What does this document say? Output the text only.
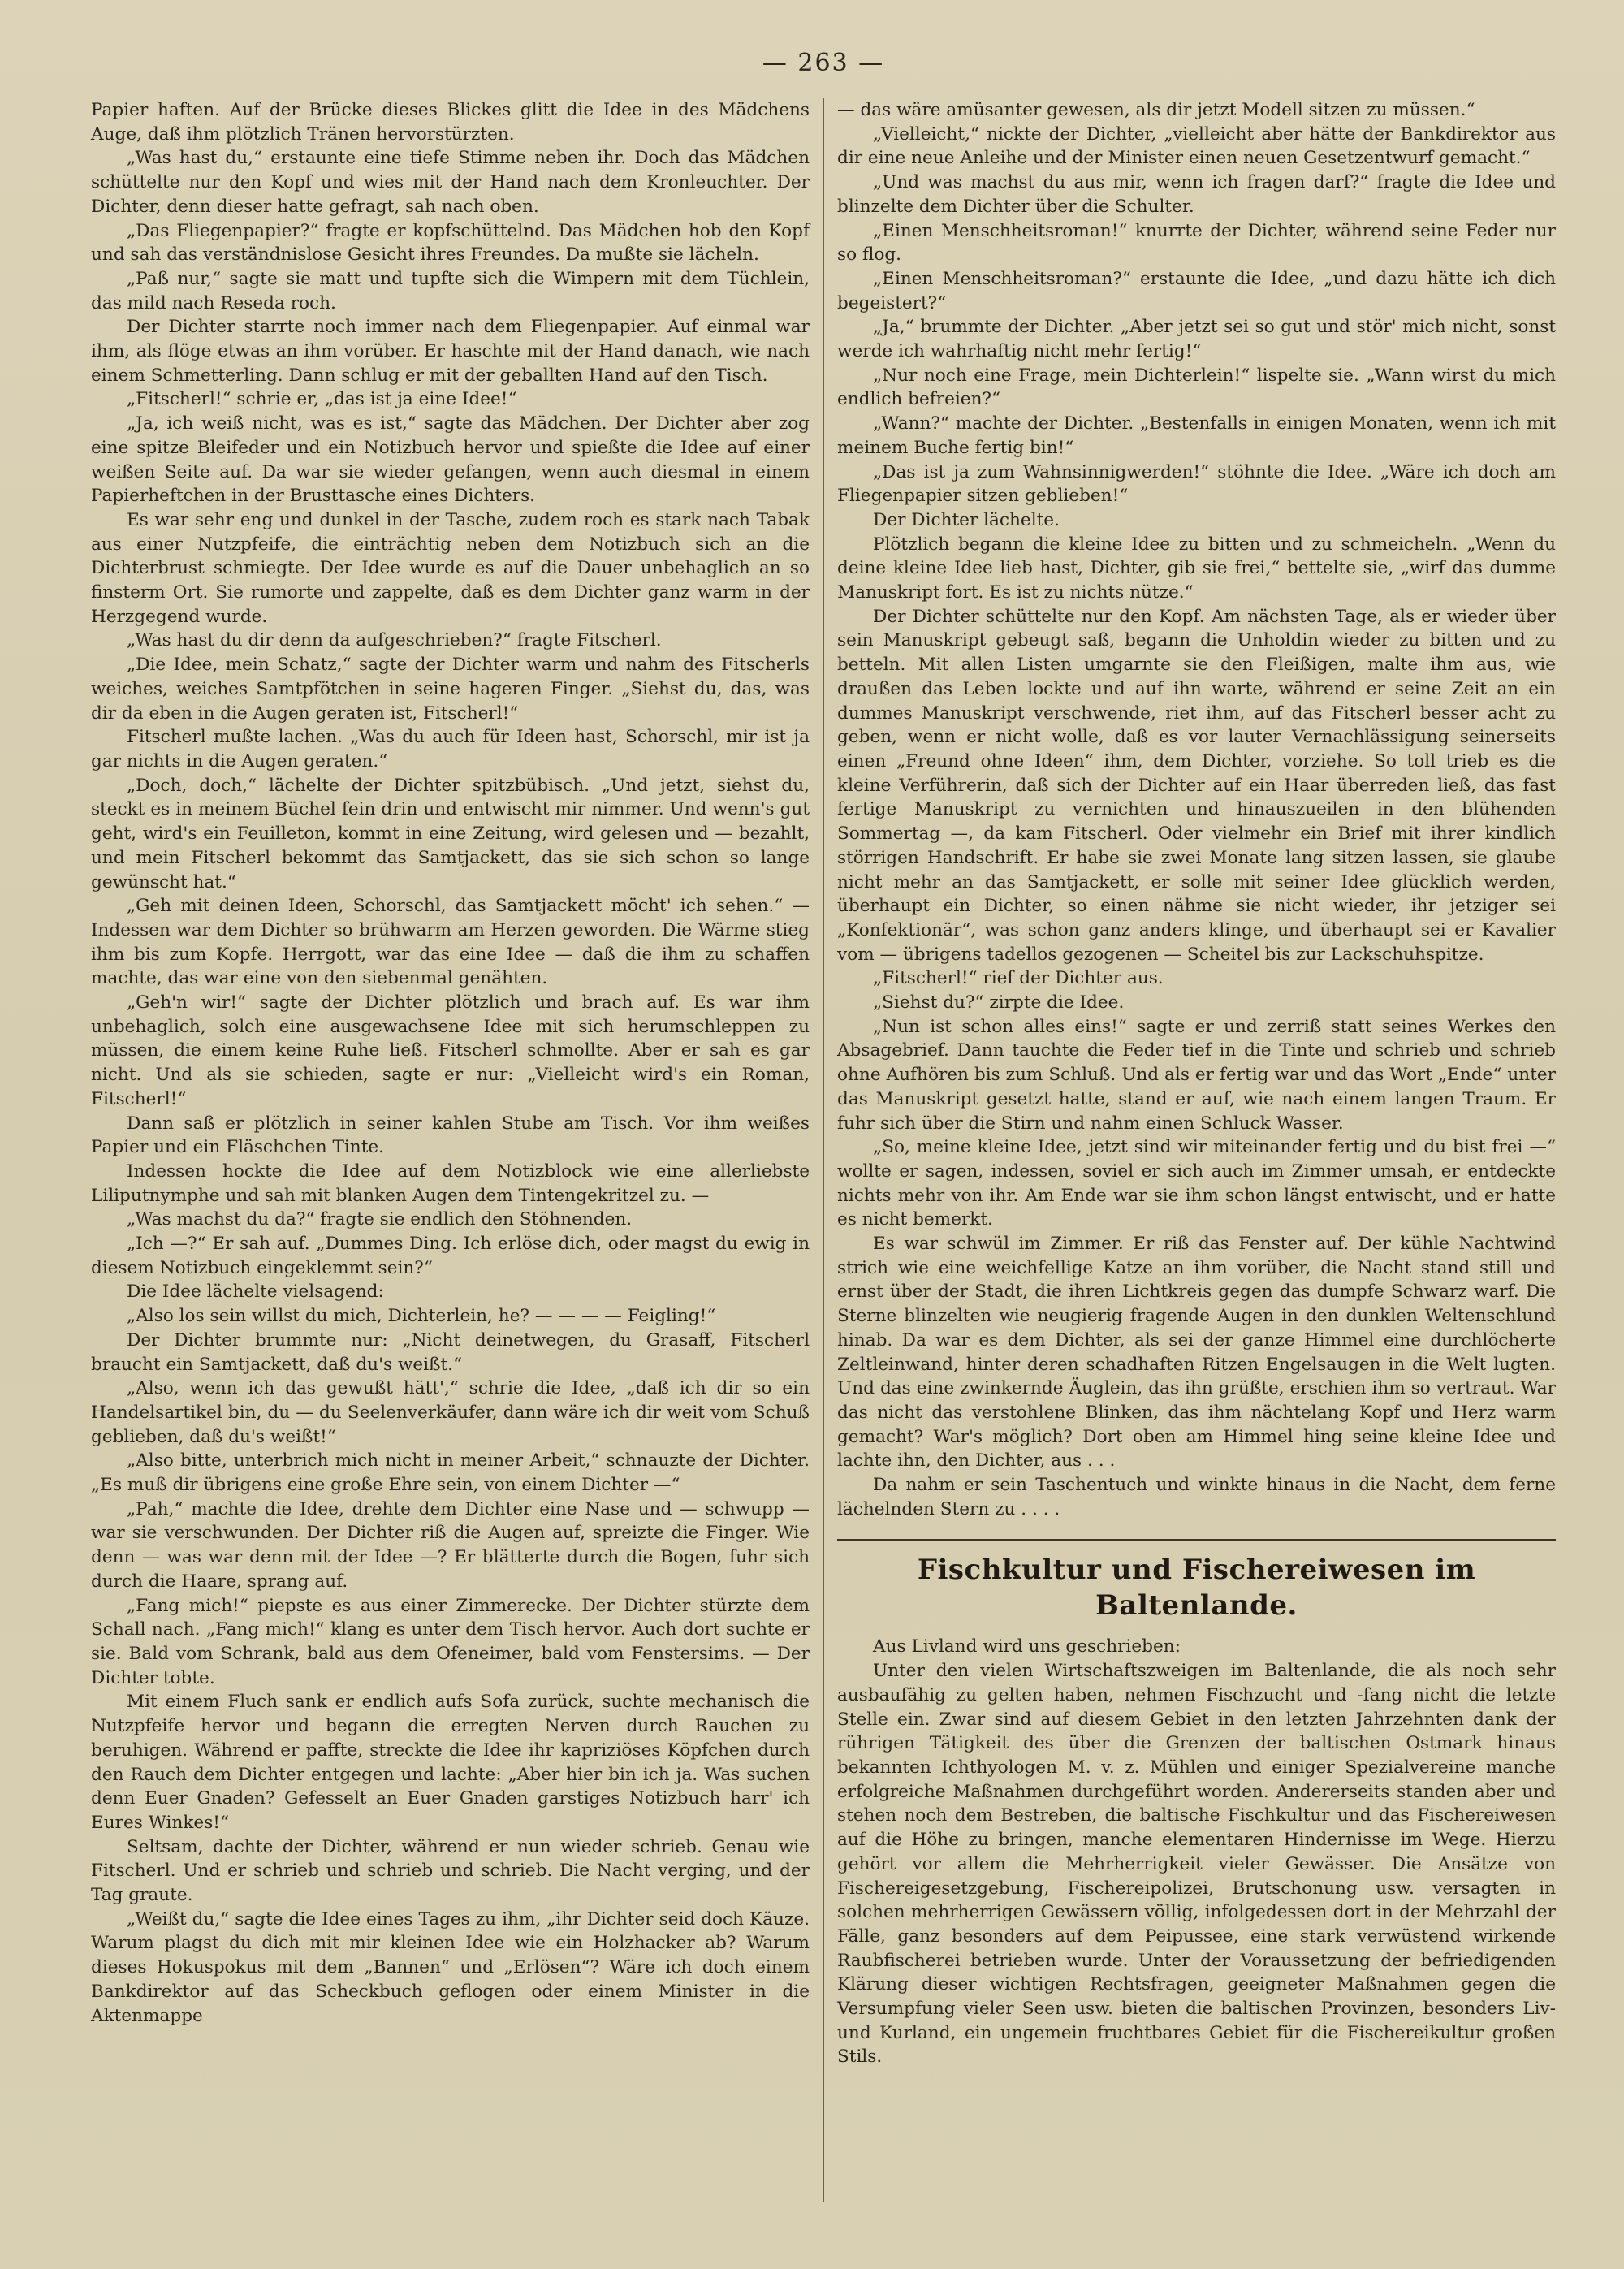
— 263 —

Papier haften. Auf der Brücke dieses Blickes glitt die Idee in des Mädchens Auge, daß ihm plötzlich Tränen hervorstürzten.

„Was hast du,“ erstaunte eine tiefe Stimme neben ihr. Doch das Mädchen schüttelte nur den Kopf und wies mit der Hand nach dem Kronleuchter. Der Dichter, denn dieser hatte gefragt, sah nach oben.

„Das Fliegenpapier?“ fragte er kopfschüttelnd. Das Mädchen hob den Kopf und sah das verständnislose Gesicht ihres Freundes. Da mußte sie lächeln.

„Paß nur,“ sagte sie matt und tupfte sich die Wimpern mit dem Tüchlein, das mild nach Reseda roch.

Der Dichter starrte noch immer nach dem Fliegenpapier. Auf einmal war ihm, als flöge etwas an ihm vorüber. Er haschte mit der Hand danach, wie nach einem Schmetterling. Dann schlug er mit der geballten Hand auf den Tisch.

„Fitscherl!“ schrie er, „das ist ja eine Idee!“

„Ja, ich weiß nicht, was es ist,“ sagte das Mädchen. Der Dichter aber zog eine spitze Bleifeder und ein Notizbuch hervor und spießte die Idee auf einer weißen Seite auf. Da war sie wieder gefangen, wenn auch diesmal in einem Papierheftchen in der Brusttasche eines Dichters.

Es war sehr eng und dunkel in der Tasche, zudem roch es stark nach Tabak aus einer Nutzpfeife, die einträchtig neben dem Notizbuch sich an die Dichterbrust schmiegte. Der Idee wurde es auf die Dauer unbehaglich an so finsterm Ort. Sie rumorte und zappelte, daß es dem Dichter ganz warm in der Herzgegend wurde.

„Was hast du dir denn da aufgeschrieben?“ fragte Fitscherl.

„Die Idee, mein Schatz,“ sagte der Dichter warm und nahm des Fitscherls weiches, weiches Samtpfötchen in seine hageren Finger. „Siehst du, das, was dir da eben in die Augen geraten ist, Fitscherl!“

Fitscherl mußte lachen. „Was du auch für Ideen hast, Schorschl, mir ist ja gar nichts in die Augen geraten.“

„Doch, doch,“ lächelte der Dichter spitzbübisch. „Und jetzt, siehst du, steckt es in meinem Büchel fein drin und entwischt mir nimmer. Und wenn's gut geht, wird's ein Feuilleton, kommt in eine Zeitung, wird gelesen und — bezahlt, und mein Fitscherl bekommt das Samtjackett, das sie sich schon so lange gewünscht hat.“

„Geh mit deinen Ideen, Schorschl, das Samtjackett möcht' ich sehen.“ — Indessen war dem Dichter so brühwarm am Herzen geworden. Die Wärme stieg ihm bis zum Kopfe. Herrgott, war das eine Idee — daß die ihm zu schaffen machte, das war eine von den siebenmal genähten.

„Geh'n wir!“ sagte der Dichter plötzlich und brach auf. Es war ihm unbehaglich, solch eine ausgewachsene Idee mit sich herumschleppen zu müssen, die einem keine Ruhe ließ. Fitscherl schmollte. Aber er sah es gar nicht. Und als sie schieden, sagte er nur: „Vielleicht wird's ein Roman, Fitscherl!“

Dann saß er plötzlich in seiner kahlen Stube am Tisch. Vor ihm weißes Papier und ein Fläschchen Tinte.

Indessen hockte die Idee auf dem Notizblock wie eine allerliebste Liliputnymphe und sah mit blanken Augen dem Tintengekritzel zu. —

„Was machst du da?“ fragte sie endlich den Stöhnenden.

„Ich —?“ Er sah auf. „Dummes Ding. Ich erlöse dich, oder magst du ewig in diesem Notizbuch eingeklemmt sein?“

Die Idee lächelte vielsagend:

„Also los sein willst du mich, Dichterlein, he? — — — — Feigling!“

Der Dichter brummte nur: „Nicht deinetwegen, du Grasaff, Fitscherl braucht ein Samtjackett, daß du's weißt.“

„Also, wenn ich das gewußt hätt',“ schrie die Idee, „daß ich dir so ein Handelsartikel bin, du — du Seelenverkäufer, dann wäre ich dir weit vom Schuß geblieben, daß du's weißt!“

„Also bitte, unterbrich mich nicht in meiner Arbeit,“ schnauzte der Dichter. „Es muß dir übrigens eine große Ehre sein, von einem Dichter —“

„Pah,“ machte die Idee, drehte dem Dichter eine Nase und — schwupp — war sie verschwunden. Der Dichter riß die Augen auf, spreizte die Finger. Wie denn — was war denn mit der Idee —? Er blätterte durch die Bogen, fuhr sich durch die Haare, sprang auf.

„Fang mich!“ piepste es aus einer Zimmerecke. Der Dichter stürzte dem Schall nach. „Fang mich!“ klang es unter dem Tisch hervor. Auch dort suchte er sie. Bald vom Schrank, bald aus dem Ofeneimer, bald vom Fenstersims. — Der Dichter tobte.

Mit einem Fluch sank er endlich aufs Sofa zurück, suchte mechanisch die Nutzpfeife hervor und begann die erregten Nerven durch Rauchen zu beruhigen. Während er paffte, streckte die Idee ihr kapriziöses Köpfchen durch den Rauch dem Dichter entgegen und lachte: „Aber hier bin ich ja. Was suchen denn Euer Gnaden? Gefesselt an Euer Gnaden garstiges Notizbuch harr' ich Eures Winkes!“

Seltsam, dachte der Dichter, während er nun wieder schrieb. Genau wie Fitscherl. Und er schrieb und schrieb und schrieb. Die Nacht verging, und der Tag graute.

„Weißt du,“ sagte die Idee eines Tages zu ihm, „ihr Dichter seid doch Käuze. Warum plagst du dich mit mir kleinen Idee wie ein Holzhacker ab? Warum dieses Hokuspokus mit dem „Bannen“ und „Erlösen“? Wäre ich doch einem Bankdirektor auf das Scheckbuch geflogen oder einem Minister in die Aktenmappe

— das wäre amüsanter gewesen, als dir jetzt Modell sitzen zu müssen.“

„Vielleicht,“ nickte der Dichter, „vielleicht aber hätte der Bankdirektor aus dir eine neue Anleihe und der Minister einen neuen Gesetzentwurf gemacht.“

„Und was machst du aus mir, wenn ich fragen darf?“ fragte die Idee und blinzelte dem Dichter über die Schulter.

„Einen Menschheitsroman!“ knurrte der Dichter, während seine Feder nur so flog.

„Einen Menschheitsroman?“ erstaunte die Idee, „und dazu hätte ich dich begeistert?“

„Ja,“ brummte der Dichter. „Aber jetzt sei so gut und stör' mich nicht, sonst werde ich wahrhaftig nicht mehr fertig!“

„Nur noch eine Frage, mein Dichterlein!“ lispelte sie. „Wann wirst du mich endlich befreien?“

„Wann?“ machte der Dichter. „Bestenfalls in einigen Monaten, wenn ich mit meinem Buche fertig bin!“

„Das ist ja zum Wahnsinnigwerden!“ stöhnte die Idee. „Wäre ich doch am Fliegenpapier sitzen geblieben!“

Der Dichter lächelte.

Plötzlich begann die kleine Idee zu bitten und zu schmeicheln. „Wenn du deine kleine Idee lieb hast, Dichter, gib sie frei,“ bettelte sie, „wirf das dumme Manuskript fort. Es ist zu nichts nütze.“

Der Dichter schüttelte nur den Kopf. Am nächsten Tage, als er wieder über sein Manuskript gebeugt saß, begann die Unholdin wieder zu bitten und zu betteln. Mit allen Listen umgarnte sie den Fleißigen, malte ihm aus, wie draußen das Leben lockte und auf ihn warte, während er seine Zeit an ein dummes Manuskript verschwende, riet ihm, auf das Fitscherl besser acht zu geben, wenn er nicht wolle, daß es vor lauter Vernachlässigung seinerseits einen „Freund ohne Ideen“ ihm, dem Dichter, vorziehe. So toll trieb es die kleine Verführerin, daß sich der Dichter auf ein Haar überreden ließ, das fast fertige Manuskript zu vernichten und hinauszueilen in den blühenden Sommertag —, da kam Fitscherl. Oder vielmehr ein Brief mit ihrer kindlich störrigen Handschrift. Er habe sie zwei Monate lang sitzen lassen, sie glaube nicht mehr an das Samtjackett, er solle mit seiner Idee glücklich werden, überhaupt ein Dichter, so einen nähme sie nicht wieder, ihr jetziger sei „Konfektionär“, was schon ganz anders klinge, und überhaupt sei er Kavalier vom — übrigens tadellos gezogenen — Scheitel bis zur Lackschuhspitze.

„Fitscherl!“ rief der Dichter aus.

„Siehst du?“ zirpte die Idee.

„Nun ist schon alles eins!“ sagte er und zerriß statt seines Werkes den Absagebrief. Dann tauchte die Feder tief in die Tinte und schrieb und schrieb ohne Aufhören bis zum Schluß. Und als er fertig war und das Wort „Ende“ unter das Manuskript gesetzt hatte, stand er auf, wie nach einem langen Traum. Er fuhr sich über die Stirn und nahm einen Schluck Wasser.

„So, meine kleine Idee, jetzt sind wir miteinander fertig und du bist frei —“ wollte er sagen, indessen, soviel er sich auch im Zimmer umsah, er entdeckte nichts mehr von ihr. Am Ende war sie ihm schon längst entwischt, und er hatte es nicht bemerkt.

Es war schwül im Zimmer. Er riß das Fenster auf. Der kühle Nachtwind strich wie eine weichfellige Katze an ihm vorüber, die Nacht stand still und ernst über der Stadt, die ihren Lichtkreis gegen das dumpfe Schwarz warf. Die Sterne blinzelten wie neugierig fragende Augen in den dunklen Weltenschlund hinab. Da war es dem Dichter, als sei der ganze Himmel eine durchlöcherte Zeltleinwand, hinter deren schadhaften Ritzen Engelsaugen in die Welt lugten. Und das eine zwinkernde Äuglein, das ihn grüßte, erschien ihm so vertraut. War das nicht das verstohlene Blinken, das ihm nächtelang Kopf und Herz warm gemacht? War's möglich? Dort oben am Himmel hing seine kleine Idee und lachte ihn, den Dichter, aus . . .

Da nahm er sein Taschentuch und winkte hinaus in die Nacht, dem ferne lächelnden Stern zu . . . .

Fischkultur und Fischereiwesen im Baltenlande.

Aus Livland wird uns geschrieben:

Unter den vielen Wirtschaftszweigen im Baltenlande, die als noch sehr ausbaufähig zu gelten haben, nehmen Fischzucht und -fang nicht die letzte Stelle ein. Zwar sind auf diesem Gebiet in den letzten Jahrzehnten dank der rührigen Tätigkeit des über die Grenzen der baltischen Ostmark hinaus bekannten Ichthyologen M. v. z. Mühlen und einiger Spezialvereine manche erfolgreiche Maßnahmen durchgeführt worden. Andererseits standen aber und stehen noch dem Bestreben, die baltische Fischkultur und das Fischereiwesen auf die Höhe zu bringen, manche elementaren Hindernisse im Wege. Hierzu gehört vor allem die Mehrherrigkeit vieler Gewässer. Die Ansätze von Fischereigesetzgebung, Fischereipolizei, Brutschonung usw. versagten in solchen mehrherrigen Gewässern völlig, infolgedessen dort in der Mehrzahl der Fälle, ganz besonders auf dem Peipussee, eine stark verwüstend wirkende Raubfischerei betrieben wurde. Unter der Voraussetzung der befriedigenden Klärung dieser wichtigen Rechtsfragen, geeigneter Maßnahmen gegen die Versumpfung vieler Seen usw. bieten die baltischen Provinzen, besonders Liv- und Kurland, ein ungemein fruchtbares Gebiet für die Fischereikultur großen Stils.
